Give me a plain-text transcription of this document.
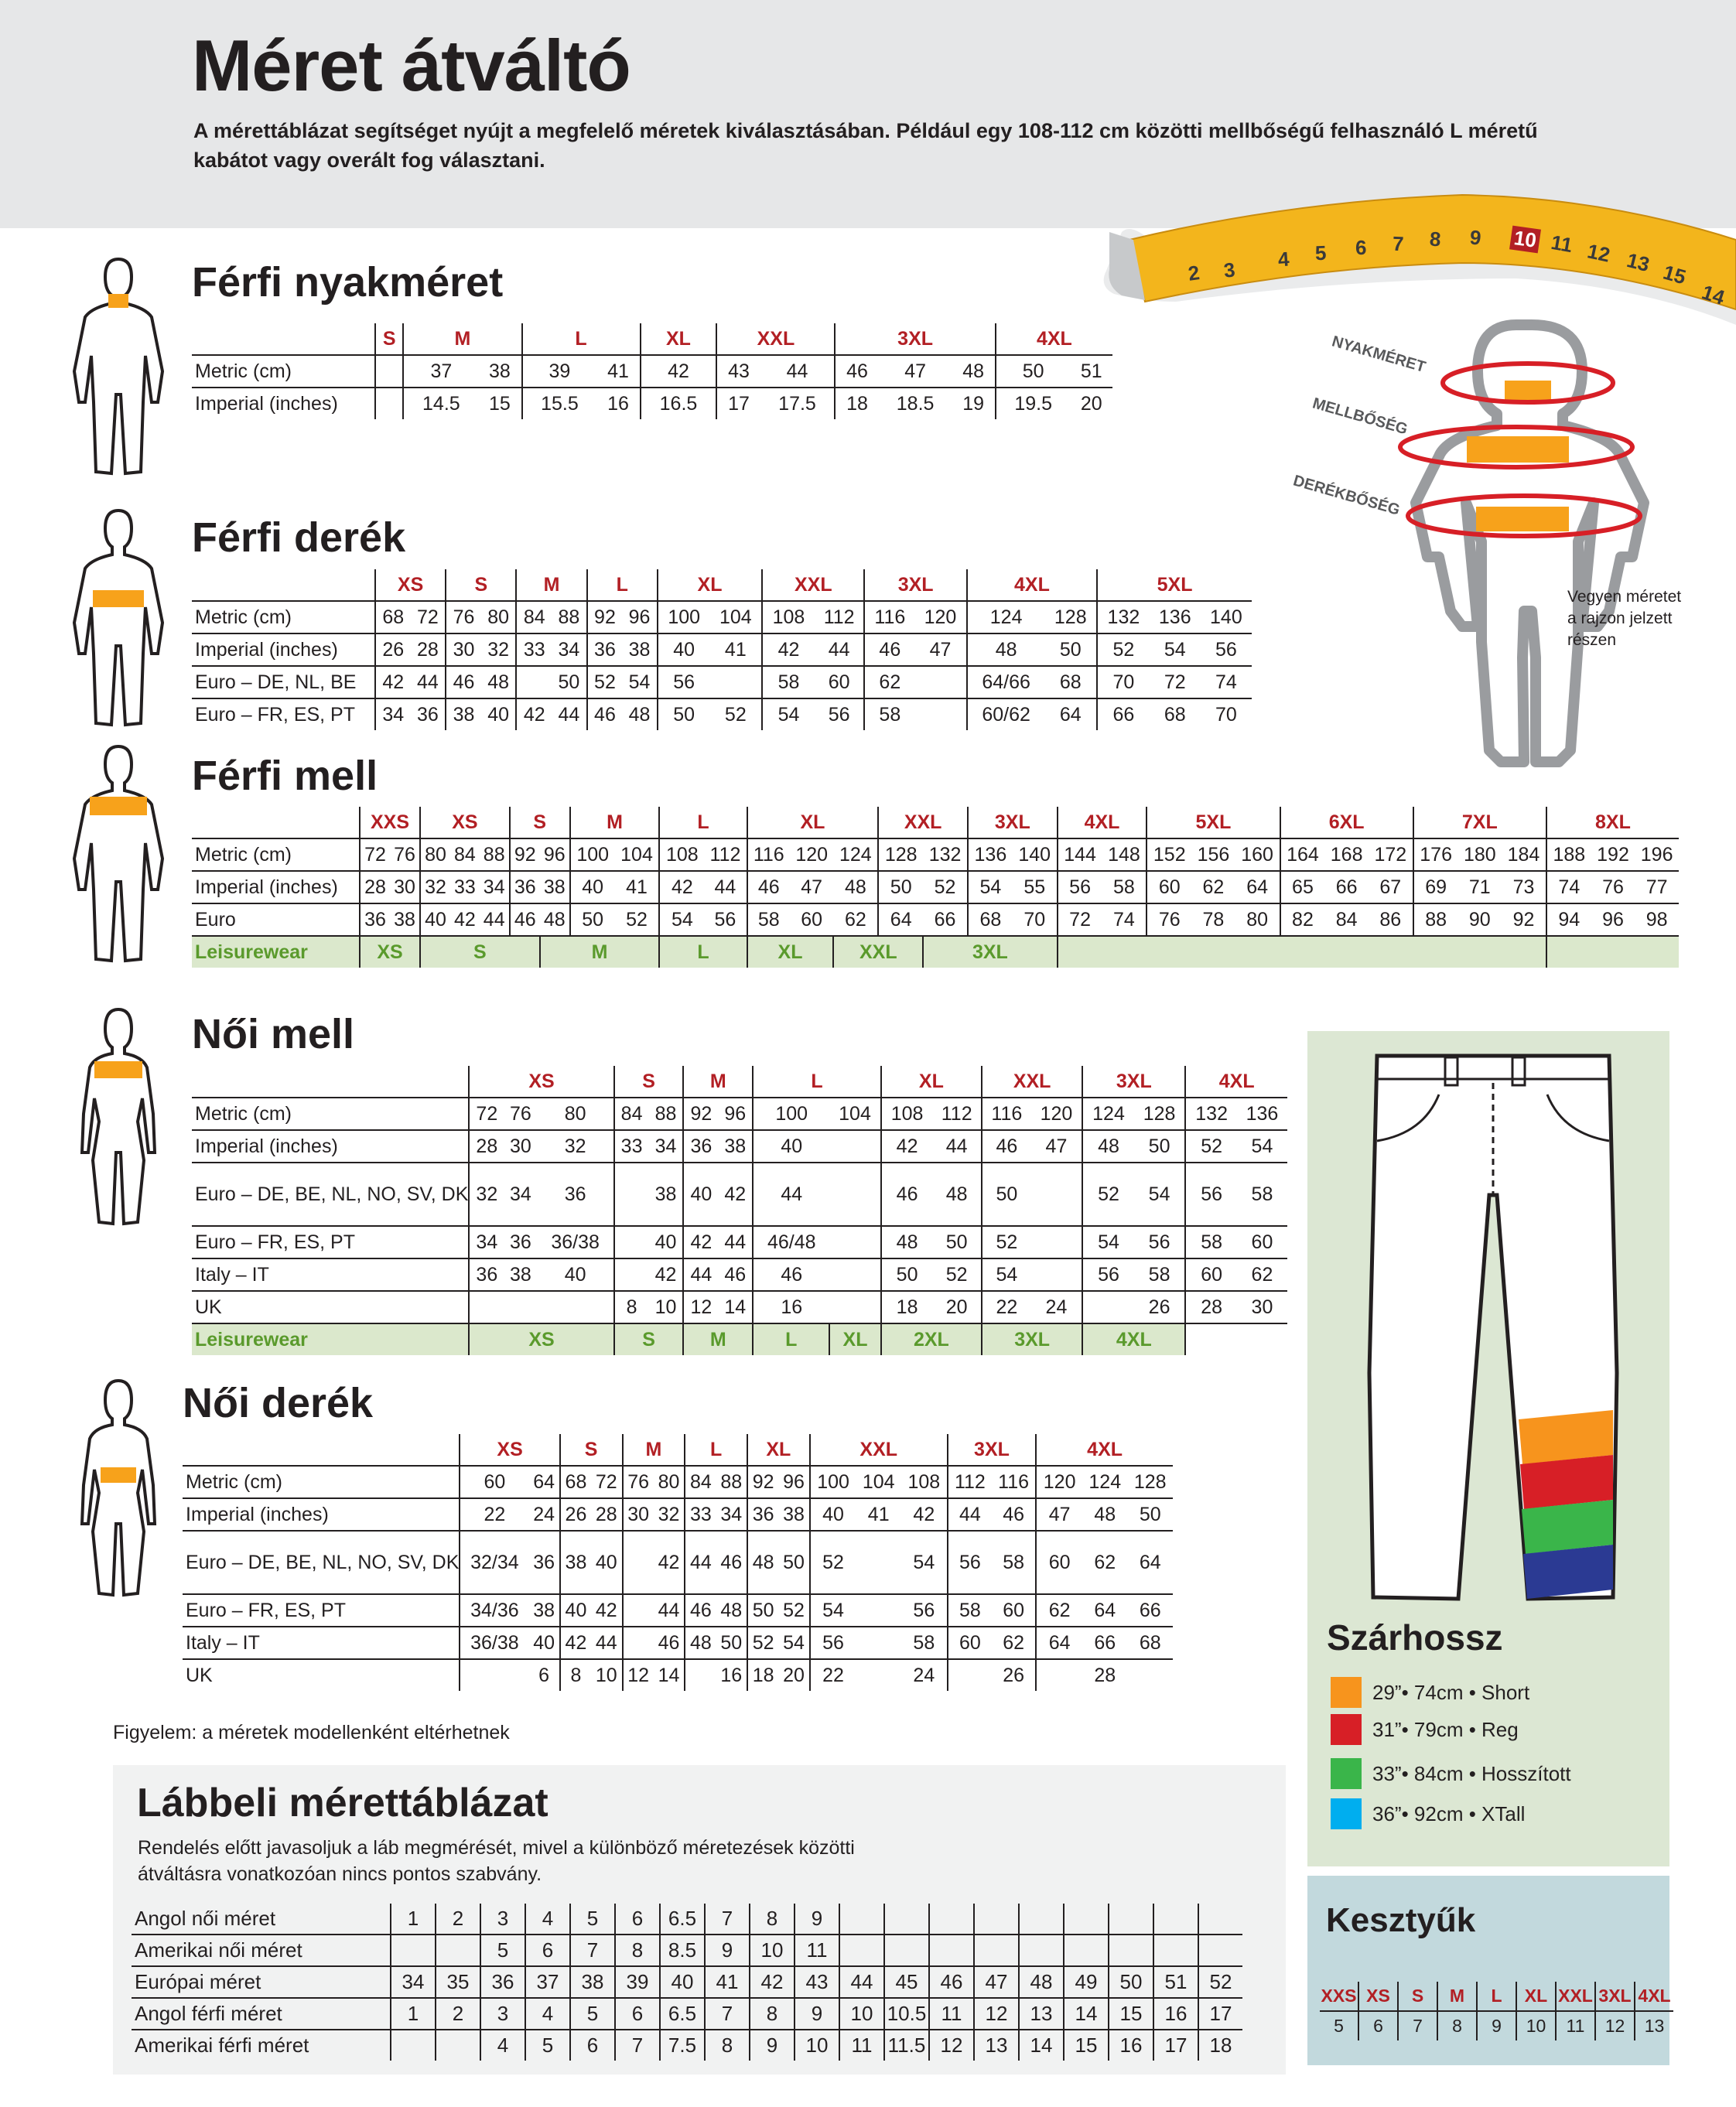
Méret átváltó
A mérettáblázat segítséget nyújt a megfelelő méretek kiválasztásában. Például egy 108-112 cm közötti mellbőségű felhasználó L méretű kabátot vagy overált fog választani.
2 3 4 5 6 7 8 9 10 11 12 13 15
14
NYAKMÉRET
MELLBŐSÉG
DERÉKBŐSÉG
Vegyen méretet a rajzon jelzett részen
Férfi nyakméret
Férfi derék
Férfi mell
Női mell
Női derék
	S	M		L		XL	XXL		3XL			4XL	
Metric (cm)		37	38	39	41	42	43	44	46	47	48	50	51
Imperial (inches)		14.5	15	15.5	16	16.5	17	17.5	18	18.5	19	19.5	20
	XS		S		M		L		XL		XXL		3XL		4XL		5XL		
Metric (cm)	68	72	76	80	84	88	92	96	100	104	108	112	116	120	124	128	132	136	140
Imperial (inches)	26	28	30	32	33	34	36	38	40	41	42	44	46	47	48	50	52	54	56
Euro – DE, NL, BE	42	44	46	48		50	52	54	56		58	60	62		64/66	68	70	72	74
Euro – FR, ES, PT	34	36	38	40	42	44	46	48	50	52	54	56	58		60/62	64	66	68	70
	XXS		XS			S		M		L		XL			XXL		3XL		4XL		5XL			6XL			7XL			8XL		
Metric (cm)	72	76	80	84	88	92	96	100	104	108	112	116	120	124	128	132	136	140	144	148	152	156	160	164	168	172	176	180	184	188	192	196
Imperial (inches)	28	30	32	33	34	36	38	40	41	42	44	46	47	48	50	52	54	55	56	58	60	62	64	65	66	67	69	71	73	74	76	77
Euro	36	38	40	42	44	46	48	50	52	54	56	58	60	62	64	66	68	70	72	74	76	78	80	82	84	86	88	90	92	94	96	98
Leisurewear	XS		S				M			L		XL		XXL		3XL																
	XS			S		M		L		XL		XXL		3XL		4XL	
Metric (cm)	72	76	80	84	88	92	96	100	104	108	112	116	120	124	128	132	136
Imperial (inches)	28	30	32	33	34	36	38	40		42	44	46	47	48	50	52	54
Euro – DE, BE, NL, NO, SV, DK	32	34	36		38	40	42	44		46	48	50		52	54	56	58
Euro – FR, ES, PT	34	36	36/38		40	42	44	46/48		48	50	52		54	56	58	60
Italy – IT	36	38	40		42	44	46	46		50	52	54		56	58	60	62
UK				8	10	12	14	16		18	20	22	24		26	28	30
Leisurewear	XS			S		M		L	XL	2XL		3XL		4XL			
	XS		S		M		L		XL		XXL			3XL		4XL		
Metric (cm)	60	64	68	72	76	80	84	88	92	96	100	104	108	112	116	120	124	128
Imperial (inches)	22	24	26	28	30	32	33	34	36	38	40	41	42	44	46	47	48	50
Euro – DE, BE, NL, NO, SV, DK	32/34	36	38	40		42	44	46	48	50	52		54	56	58	60	62	64
Euro – FR, ES, PT	34/36	38	40	42		44	46	48	50	52	54		56	58	60	62	64	66
Italy – IT	36/38	40	42	44		46	48	50	52	54	56		58	60	62	64	66	68
UK		6	8	10	12	14		16	18	20	22		24		26		28	
Figyelem: a méretek modellenként eltérhetnek
Lábbeli mérettáblázat
Rendelés előtt javasoljuk a láb megmérését, mivel a különböző méretezések közötti átváltásra vonatkozóan nincs pontos szabvány.
Angol női méret	1	2	3	4	5	6	6.5	7	8	9									
Amerikai női méret			5	6	7	8	8.5	9	10	11									
Európai méret	34	35	36	37	38	39	40	41	42	43	44	45	46	47	48	49	50	51	52
Angol férfi méret	1	2	3	4	5	6	6.5	7	8	9	10	10.5	11	12	13	14	15	16	17
Amerikai férfi méret			4	5	6	7	7.5	8	9	10	11	11.5	12	13	14	15	16	17	18
Szárhossz
29”• 74cm • Short
31”• 79cm • Reg
33”• 84cm • Hosszított
36”• 92cm • XTall
Kesztyűk
XXS	XS	S	M	L	XL	XXL	3XL	4XL
5	6	7	8	9	10	11	12	13
